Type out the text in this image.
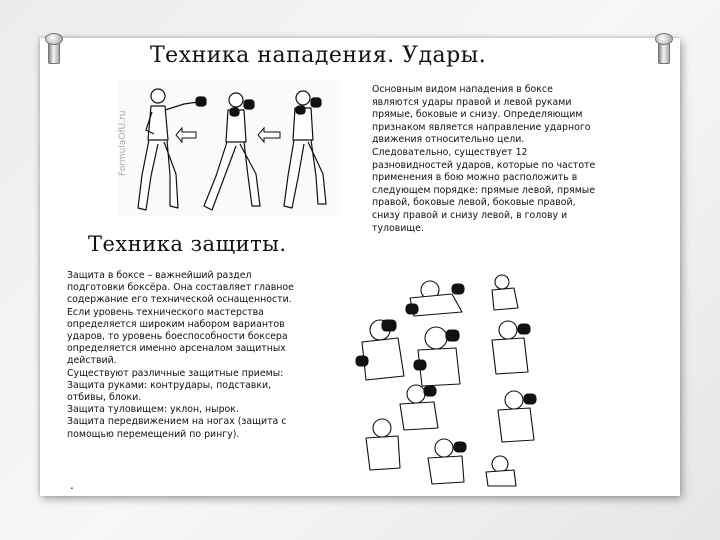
Техника нападения. Удары.
FormulaOfU.ru
Основным видом нападения в боксе
являются удары правой и левой руками
прямые, боковые и снизу. Определяющим
признаком является направление ударного
движения относительно цели.
Следовательно, существует 12
разновидностей ударов, которые по частоте
применения в бою можно расположить в
следующем порядке: прямые левой, прямые
правой, боковые левой, боковые правой,
снизу правой и снизу левой, в голову и
туловище.
Техника защиты.

Защита в боксе – важнейший раздел
подготовки боксёра. Она составляет главное
содержание его технической оснащенности.
Если уровень технического мастерства
определяется широким набором вариантов
ударов, то уровень боеспособности боксера
определяется именно арсеналом защитных
действий.

Существуют различные защитные приемы:

Защита руками: контрудары, подставки,
отбивы, блоки.

Защита туловищем: уклон, нырок.

Защита передвижением на ногах (защита с
помощью перемещений по рингу).

.
